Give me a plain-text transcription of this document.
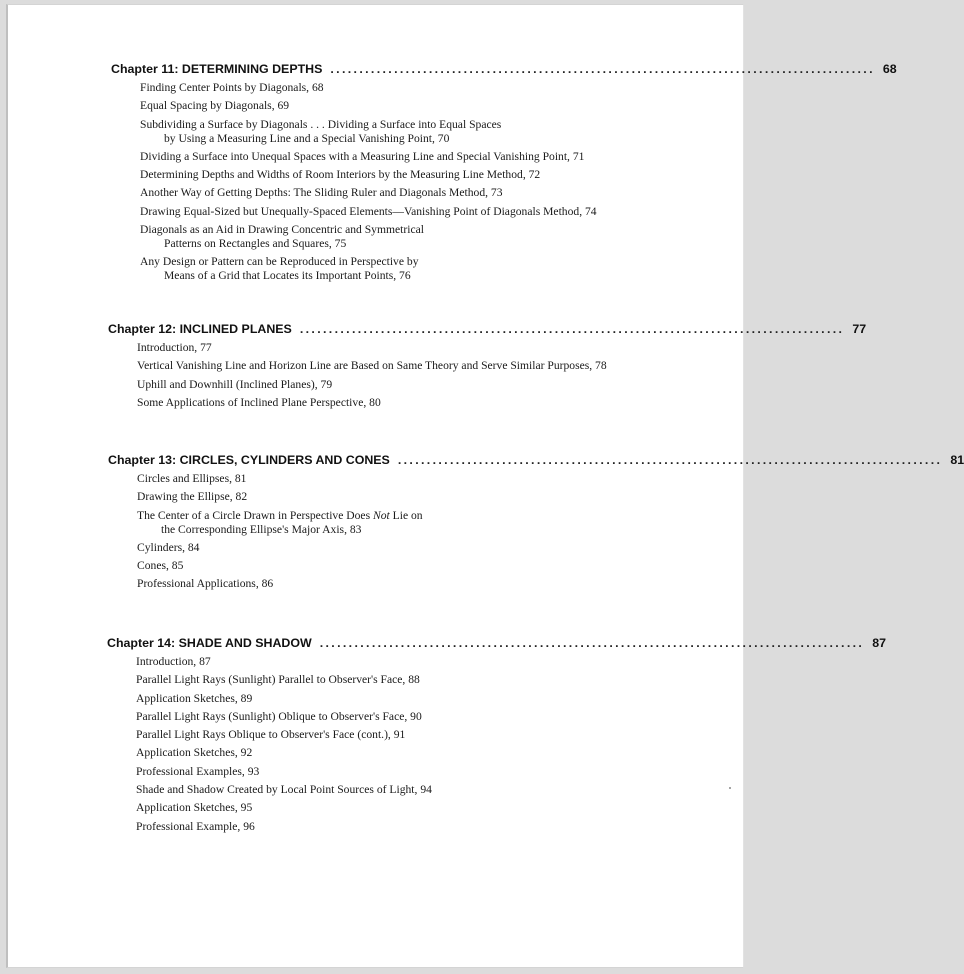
Chapter 11: DETERMINING DEPTHS .............................................................................................. 68
Finding Center Points by Diagonals, 68
Equal Spacing by Diagonals, 69
Subdividing a Surface by Diagonals . . . Dividing a Surface into Equal Spaces
by Using a Measuring Line and a Special Vanishing Point, 70
Dividing a Surface into Unequal Spaces with a Measuring Line and Special Vanishing Point, 71
Determining Depths and Widths of Room Interiors by the Measuring Line Method, 72
Another Way of Getting Depths: The Sliding Ruler and Diagonals Method, 73
Drawing Equal-Sized but Unequally-Spaced Elements—Vanishing Point of Diagonals Method, 74
Diagonals as an Aid in Drawing Concentric and Symmetrical
Patterns on Rectangles and Squares, 75
Any Design or Pattern can be Reproduced in Perspective by
Means of a Grid that Locates its Important Points, 76
Chapter 12: INCLINED PLANES .............................................................................................. 77
Introduction, 77
Vertical Vanishing Line and Horizon Line are Based on Same Theory and Serve Similar Purposes, 78
Uphill and Downhill (Inclined Planes), 79
Some Applications of Inclined Plane Perspective, 80
Chapter 13: CIRCLES, CYLINDERS AND CONES .............................................................................................. 81
Circles and Ellipses, 81
Drawing the Ellipse, 82
The Center of a Circle Drawn in Perspective Does Not Lie on
the Corresponding Ellipse's Major Axis, 83
Cylinders, 84
Cones, 85
Professional Applications, 86
Chapter 14: SHADE AND SHADOW .............................................................................................. 87
Introduction, 87
Parallel Light Rays (Sunlight) Parallel to Observer's Face, 88
Application Sketches, 89
Parallel Light Rays (Sunlight) Oblique to Observer's Face, 90
Parallel Light Rays Oblique to Observer's Face (cont.), 91
Application Sketches, 92
Professional Examples, 93
Shade and Shadow Created by Local Point Sources of Light, 94
Application Sketches, 95
Professional Example, 96
